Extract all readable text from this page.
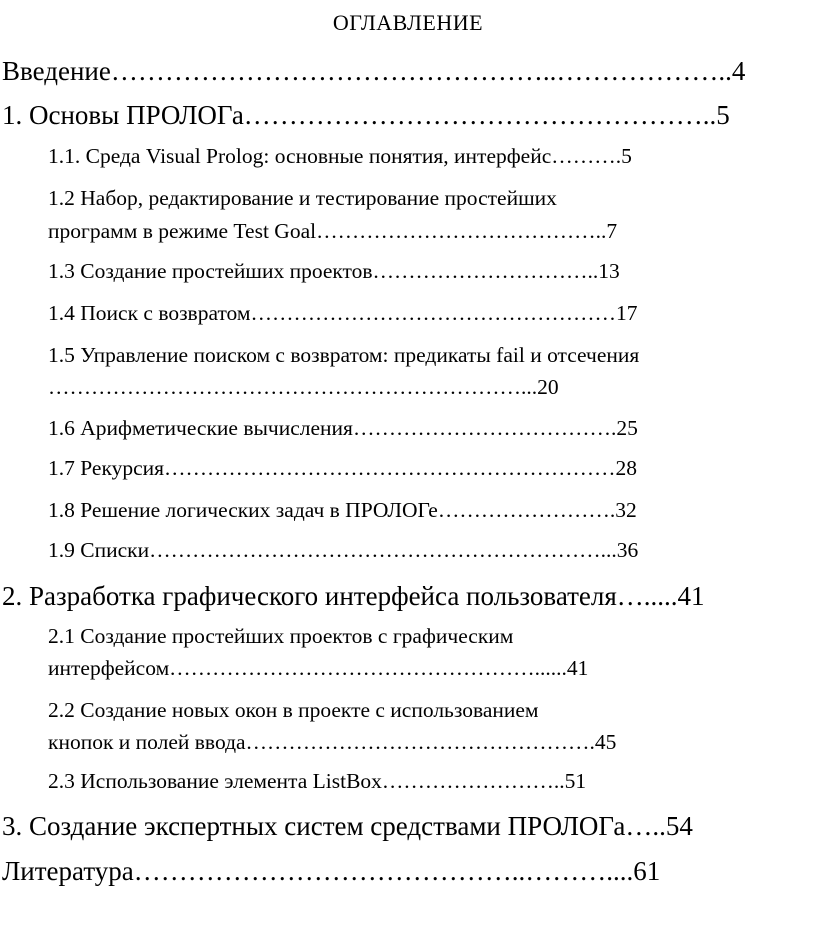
ОГЛАВЛЕНИЕ
Введение…………………………………………..………………..4
1. Основы ПРОЛОГа……………………………………………..5
1.1. Среда Visual Prolog: основные понятия, интерфейс……….5
1.2 Набор, редактирование и тестирование простейших
программ в режиме Test Goal…………………………………..7
1.3 Создание простейших проектов…………………………..13
1.4 Поиск с возвратом……………………………………………17
1.5 Управление поиском с возвратом: предикаты fail и отсечения
…………………………………………………………...20
1.6 Арифметические вычисления……………………………….25
1.7 Рекурсия………………………………………………………28
1.8 Решение логических задач в ПРОЛОГе…………………….32
1.9 Списки………………………………………………………...36
2. Разработка графического интерфейса пользователя….....41
2.1 Создание простейших проектов с графическим
интерфейсом……………………………………………......41
2.2 Создание новых окон в проекте с использованием
кнопок и полей ввода………………………………………….45
2.3 Использование элемента ListBox……………………..51
3. Создание экспертных систем средствами ПРОЛОГа…..54
Литература……………………………………..………....61
